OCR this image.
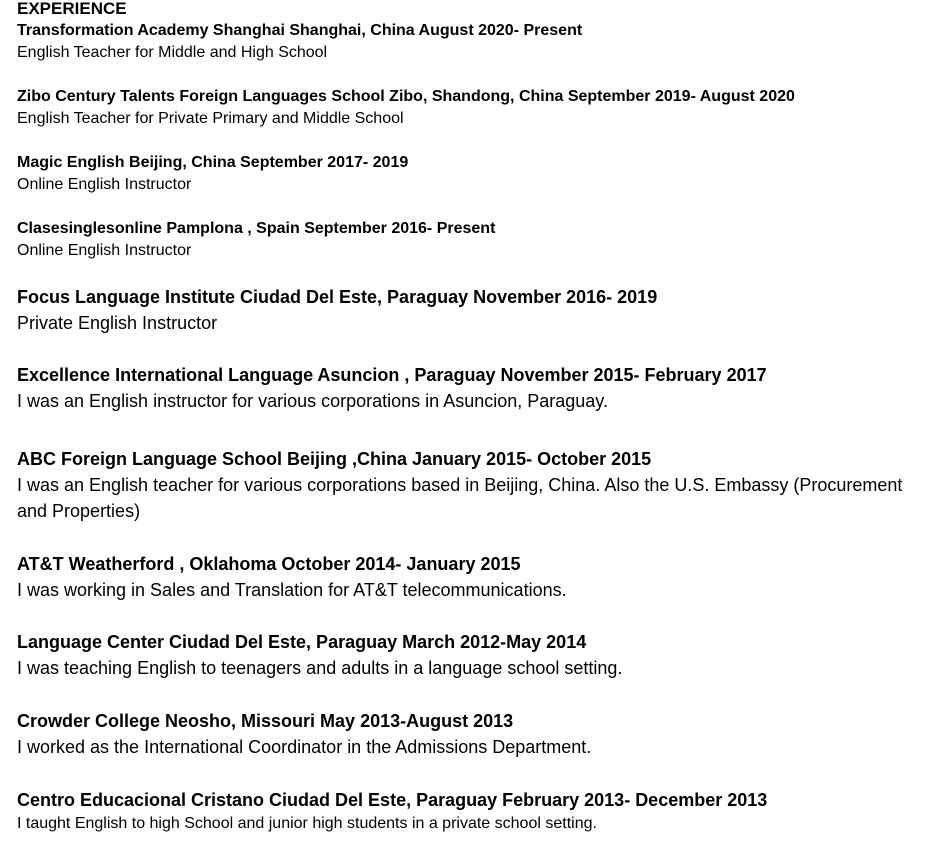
EXPERIENCE
Transformation Academy Shanghai Shanghai, China August 2020- Present
English Teacher for Middle and High School
Zibo Century Talents Foreign Languages School Zibo, Shandong, China September 2019- August 2020
English Teacher for Private Primary and Middle School
Magic English Beijing, China September 2017- 2019
Online English Instructor
Clasesinglesonline Pamplona , Spain September 2016- Present
Online English Instructor
Focus Language Institute Ciudad Del Este, Paraguay November 2016- 2019
Private English Instructor
Excellence International Language Asuncion , Paraguay November 2015- February 2017
I was an English instructor for various corporations in Asuncion, Paraguay.
ABC Foreign Language School Beijing ,China January 2015- October 2015
I was an English teacher for various corporations based in Beijing, China. Also the U.S. Embassy (Procurement and Properties)
AT&T Weatherford , Oklahoma October 2014- January 2015
I was working in Sales and Translation for AT&T telecommunications.
Language Center Ciudad Del Este, Paraguay March 2012-May 2014
I was teaching English to teenagers and adults in a language school setting.
Crowder College Neosho, Missouri May 2013-August 2013
I worked as the International Coordinator in the Admissions Department.
Centro Educacional Cristano Ciudad Del Este, Paraguay February 2013- December 2013
I taught English to high School and junior high students in a private school setting.
